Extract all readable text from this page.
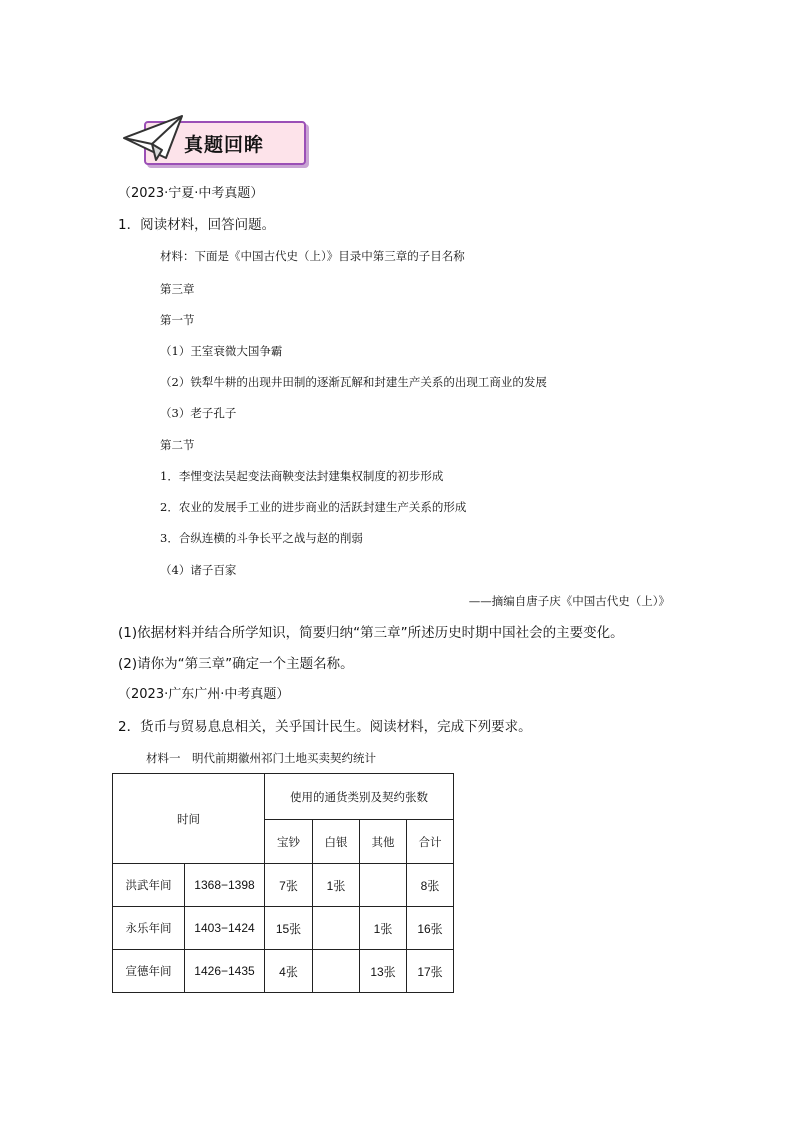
真题回眸
（2023·宁夏·中考真题）
1．阅读材料，回答问题。
材料：下面是《中国古代史（上）》目录中第三章的子目名称
第三章
第一节
（1）王室衰微大国争霸
（2）铁犁牛耕的出现井田制的逐渐瓦解和封建生产关系的出现工商业的发展
（3）老子孔子
第二节
1．李悝变法吴起变法商鞅变法封建集权制度的初步形成
2．农业的发展手工业的进步商业的活跃封建生产关系的形成
3．合纵连横的斗争长平之战与赵的削弱
（4）诸子百家
——摘编自唐子庆《中国古代史（上）》
(1)依据材料并结合所学知识，简要归纳“第三章”所述历史时期中国社会的主要变化。
(2)请你为“第三章”确定一个主题名称。
（2023·广东广州·中考真题）
2．货币与贸易息息相关，关乎国计民生。阅读材料，完成下列要求。
材料一　明代前期徽州祁门土地买卖契约统计
时间		使用的通货类别及契约张数			
		宝钞	白银	其他	合计
洪武年间	1368−1398	7张	1张		8张
永乐年间	1403−1424	15张		1张	16张
宣德年间	1426−1435	4张		13张	17张
